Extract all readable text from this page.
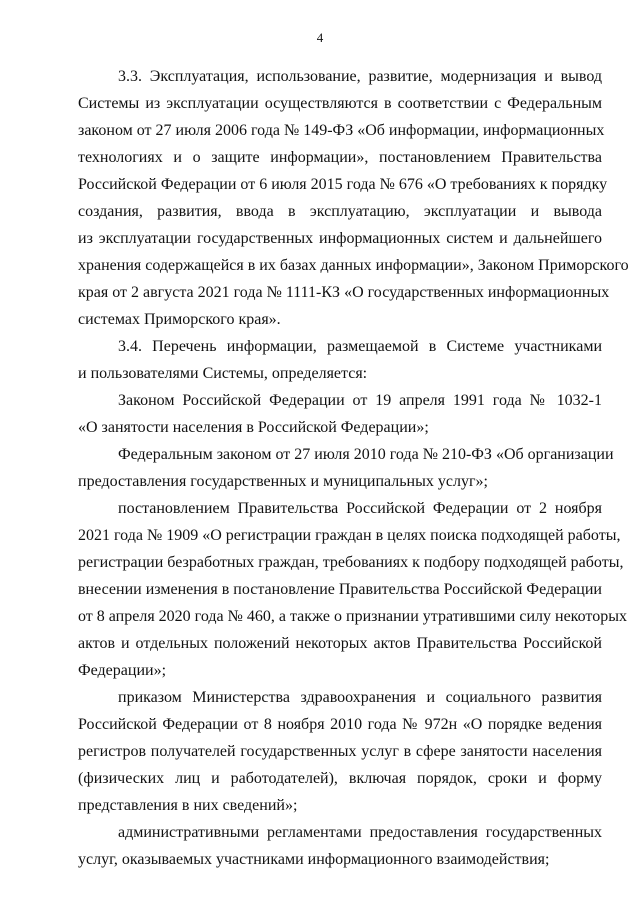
4
3.3. Эксплуатация, использование, развитие, модернизация и вывод
Системы из эксплуатации осуществляются в соответствии с Федеральным
законом от 27 июля 2006 года № 149-ФЗ «Об информации, информационных
технологиях и о защите информации», постановлением Правительства
Российской Федерации от 6 июля 2015 года № 676 «О требованиях к порядку
создания, развития, ввода в эксплуатацию, эксплуатации и вывода
из эксплуатации государственных информационных систем и дальнейшего
хранения содержащейся в их базах данных информации», Законом Приморского
края от 2 августа 2021 года № 1111-КЗ «О государственных информационных
системах Приморского края».
3.4. Перечень информации, размещаемой в Системе участниками
и пользователями Системы, определяется:
Законом Российской Федерации от 19 апреля 1991 года № 1032-1
«О занятости населения в Российской Федерации»;
Федеральным законом от 27 июля 2010 года № 210-ФЗ «Об организации
предоставления государственных и муниципальных услуг»;
постановлением Правительства Российской Федерации от 2 ноября
2021 года № 1909 «О регистрации граждан в целях поиска подходящей работы,
регистрации безработных граждан, требованиях к подбору подходящей работы,
внесении изменения в постановление Правительства Российской Федерации
от 8 апреля 2020 года № 460, а также о признании утратившими силу некоторых
актов и отдельных положений некоторых актов Правительства Российской
Федерации»;
приказом Министерства здравоохранения и социального развития
Российской Федерации от 8 ноября 2010 года № 972н «О порядке ведения
регистров получателей государственных услуг в сфере занятости населения
(физических лиц и работодателей), включая порядок, сроки и форму
представления в них сведений»;
административными регламентами предоставления государственных
услуг, оказываемых участниками информационного взаимодействия;
